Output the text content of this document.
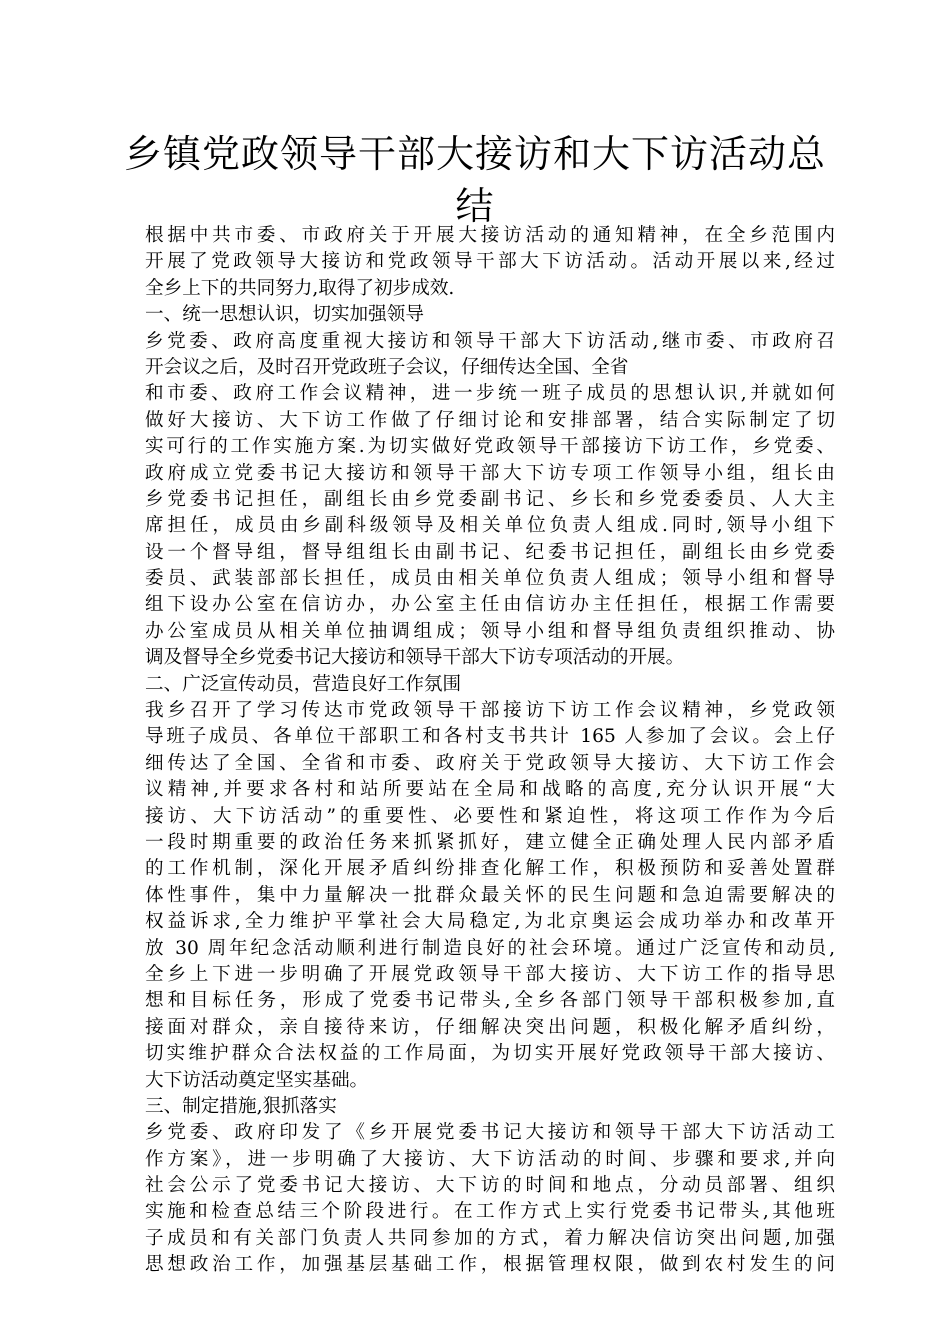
乡镇党政领导干部大接访和大下访活动总
结
根据中共市委、市政府关于开展大接访活动的通知精神，在全乡范围内
开展了党政领导大接访和党政领导干部大下访活动。活动开展以来,经过
全乡上下的共同努力,取得了初步成效.
一、统一思想认识，切实加强领导
乡党委、政府高度重视大接访和领导干部大下访活动,继市委、市政府召
开会议之后，及时召开党政班子会议，仔细传达全国、全省
和市委、政府工作会议精神，进一步统一班子成员的思想认识,并就如何
做好大接访、大下访工作做了仔细讨论和安排部署，结合实际制定了切
实可行的工作实施方案.为切实做好党政领导干部接访下访工作，乡党委、
政府成立党委书记大接访和领导干部大下访专项工作领导小组，组长由
乡党委书记担任，副组长由乡党委副书记、乡长和乡党委委员、人大主
席担任，成员由乡副科级领导及相关单位负责人组成.同时,领导小组下
设一个督导组，督导组组长由副书记、纪委书记担任，副组长由乡党委
委员、武装部部长担任，成员由相关单位负责人组成；领导小组和督导
组下设办公室在信访办，办公室主任由信访办主任担任，根据工作需要
办公室成员从相关单位抽调组成；领导小组和督导组负责组织推动、协
调及督导全乡党委书记大接访和领导干部大下访专项活动的开展。
二、广泛宣传动员，营造良好工作氛围
我乡召开了学习传达市党政领导干部接访下访工作会议精神，乡党政领
导班子成员、各单位干部职工和各村支书共计 165 人参加了会议。会上仔
细传达了全国、全省和市委、政府关于党政领导大接访、大下访工作会
议精神,并要求各村和站所要站在全局和战略的高度,充分认识开展“大
接访、大下访活动”的重要性、必要性和紧迫性，将这项工作作为今后
一段时期重要的政治任务来抓紧抓好，建立健全正确处理人民内部矛盾
的工作机制，深化开展矛盾纠纷排查化解工作，积极预防和妥善处置群
体性事件，集中力量解决一批群众最关怀的民生问题和急迫需要解决的
权益诉求,全力维护平掌社会大局稳定,为北京奥运会成功举办和改革开
放 30 周年纪念活动顺利进行制造良好的社会环境。通过广泛宣传和动员,
全乡上下进一步明确了开展党政领导干部大接访、大下访工作的指导思
想和目标任务，形成了党委书记带头,全乡各部门领导干部积极参加,直
接面对群众，亲自接待来访，仔细解决突出问题，积极化解矛盾纠纷，
切实维护群众合法权益的工作局面，为切实开展好党政领导干部大接访、
大下访活动奠定坚实基础。
三、制定措施,狠抓落实
乡党委、政府印发了《乡开展党委书记大接访和领导干部大下访活动工
作方案》，进一步明确了大接访、大下访活动的时间、步骤和要求,并向
社会公示了党委书记大接访、大下访的时间和地点，分动员部署、组织
实施和检查总结三个阶段进行。在工作方式上实行党委书记带头,其他班
子成员和有关部门负责人共同参加的方式，着力解决信访突出问题,加强
思想政治工作，加强基层基础工作，根据管理权限，做到农村发生的问
